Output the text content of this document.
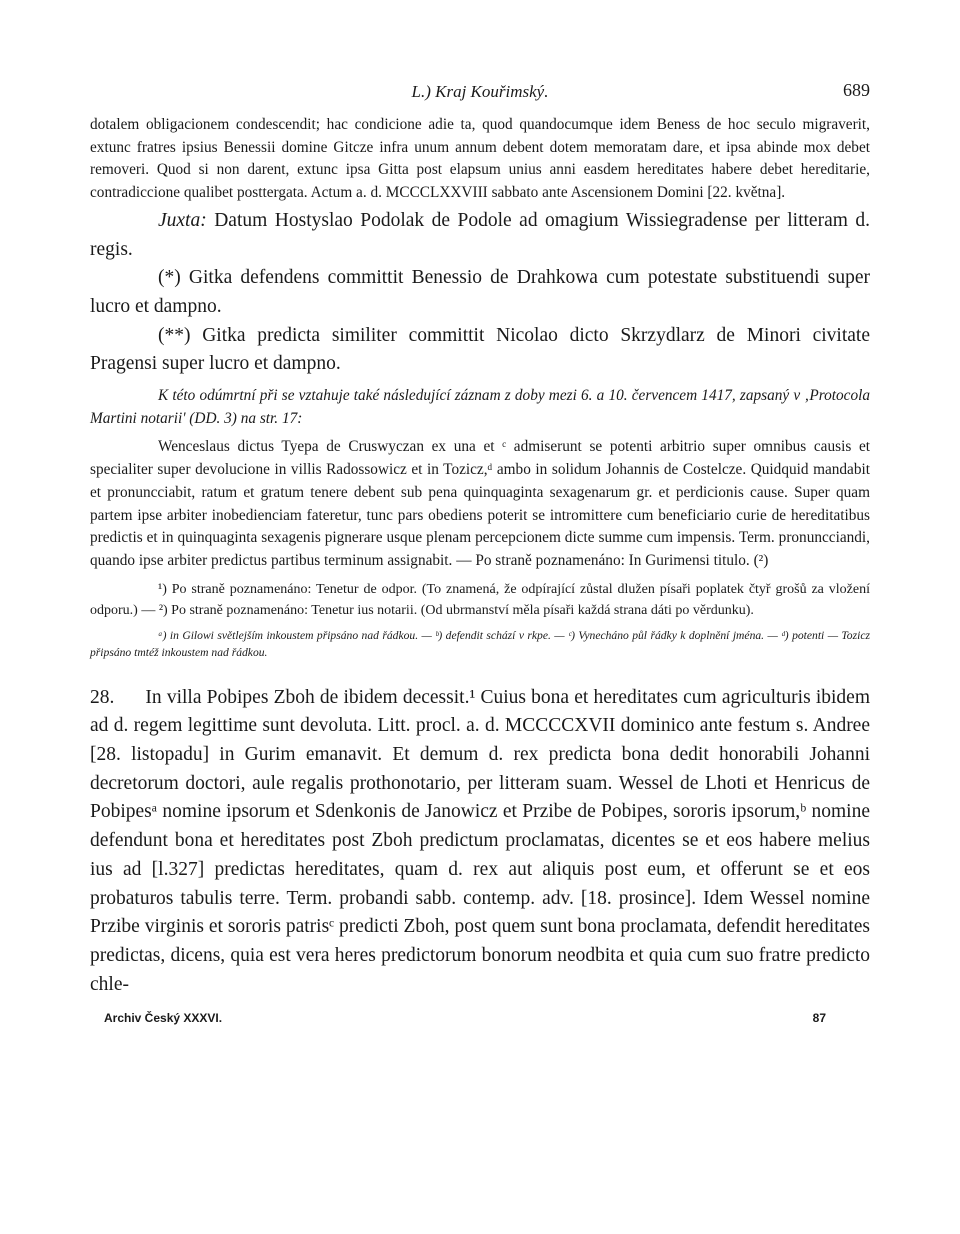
L.) Kraj Kouřimský.	689

dotalem obligacionem condescendit; hac condicione adie ta, quod quandocumque idem Beness de hoc seculo migraverit, extunc fratres ipsius Benessii domine Gitcze infra unum annum debent dotem memoratam dare, et ipsa abinde mox debet removeri. Quod si non darent, extunc ipsa Gitta post elapsum unius anni easdem hereditates habere debet hereditarie, contradiccione qualibet posttergata. Actum a. d. MCCCLXXVIII sabbato ante Ascensionem Domini [22. května].

Juxta: Datum Hostyslao Podolak de Podole ad omagium Wissiegradense per litteram d. regis.

(*) Gitka defendens committit Benessio de Drahkowa cum potestate substituendi super lucro et dampno.

(**) Gitka predicta similiter committit Nicolao dicto Skrzydlarz de Minori civitate Pragensi super lucro et dampno.

K této odúmrtní při se vztahuje také následující záznam z doby mezi 6. a 10. červencem 1417, zapsaný v ‚Protocola Martini notarii' (DD. 3) na str. 17:

Wenceslaus dictus Tyepa de Cruswyczan ex una et ᶜ admiserunt se potenti arbitrio super omnibus causis et specialiter super devolucione in villis Radossowicz et in Tozicz,ᵈ ambo in solidum Johannis de Costelcze. Quidquid mandabit et pronuncciabit, ratum et gratum tenere debent sub pena quinquaginta sexagenarum gr. et perdicionis cause. Super quam partem ipse arbiter inobedienciam fateretur, tunc pars obediens poterit se intromittere cum beneficiario curie de hereditatibus predictis et in quinquaginta sexagenis pignerare usque plenam percepcionem dicte summe cum impensis. Term. pronuncciandi, quando ipse arbiter predictus partibus terminum assignabit. — Po straně poznamenáno: In Gurimensi titulo. (²)

¹) Po straně poznamenáno: Tenetur de odpor. (To znamená, že odpírající zůstal dlužen písaři poplatek čtyř grošů za vložení odporu.) — ²) Po straně poznamenáno: Tenetur ius notarii. (Od ubrmanství měla písaři každá strana dáti po věrdunku).

ᵃ) in Gilowi světlejším inkoustem připsáno nad řádkou. — ᵇ) defendit schází v rkpe. — ᶜ) Vynecháno půl řádky k doplnění jména. — ᵈ) potenti — Tozicz připsáno tmtéž inkoustem nad řádkou.

28. In villa Pobipes Zboh de ibidem decessit.¹ Cuius bona et hereditates cum agriculturis ibidem ad d. regem legittime sunt devoluta. Litt. procl. a. d. MCCCCXVII dominico ante festum s. Andree [28. listopadu] in Gurim emanavit. Et demum d. rex predicta bona dedit honorabili Johanni decretorum doctori, aule regalis prothonotario, per litteram suam. Wessel de Lhoti et Henricus de Pobipesᵃ nomine ipsorum et Sdenkonis de Janowicz et Przibe de Pobipes, sororis ipsorum,ᵇ nomine defendunt bona et hereditates post Zboh predictum proclamatas, dicentes se et eos habere melius ius ad [l.327] predictas hereditates, quam d. rex aut aliquis post eum, et offerunt se et eos probaturos tabulis terre. Term. probandi sabb. contemp. adv. [18. prosince]. Idem Wessel nomine Przibe virginis et sororis patrisᶜ predicti Zboh, post quem sunt bona proclamata, defendit hereditates predictas, dicens, quia est vera heres predictorum bonorum neodbita et quia cum suo fratre predicto chle-

Archiv Český XXXVI.	87
